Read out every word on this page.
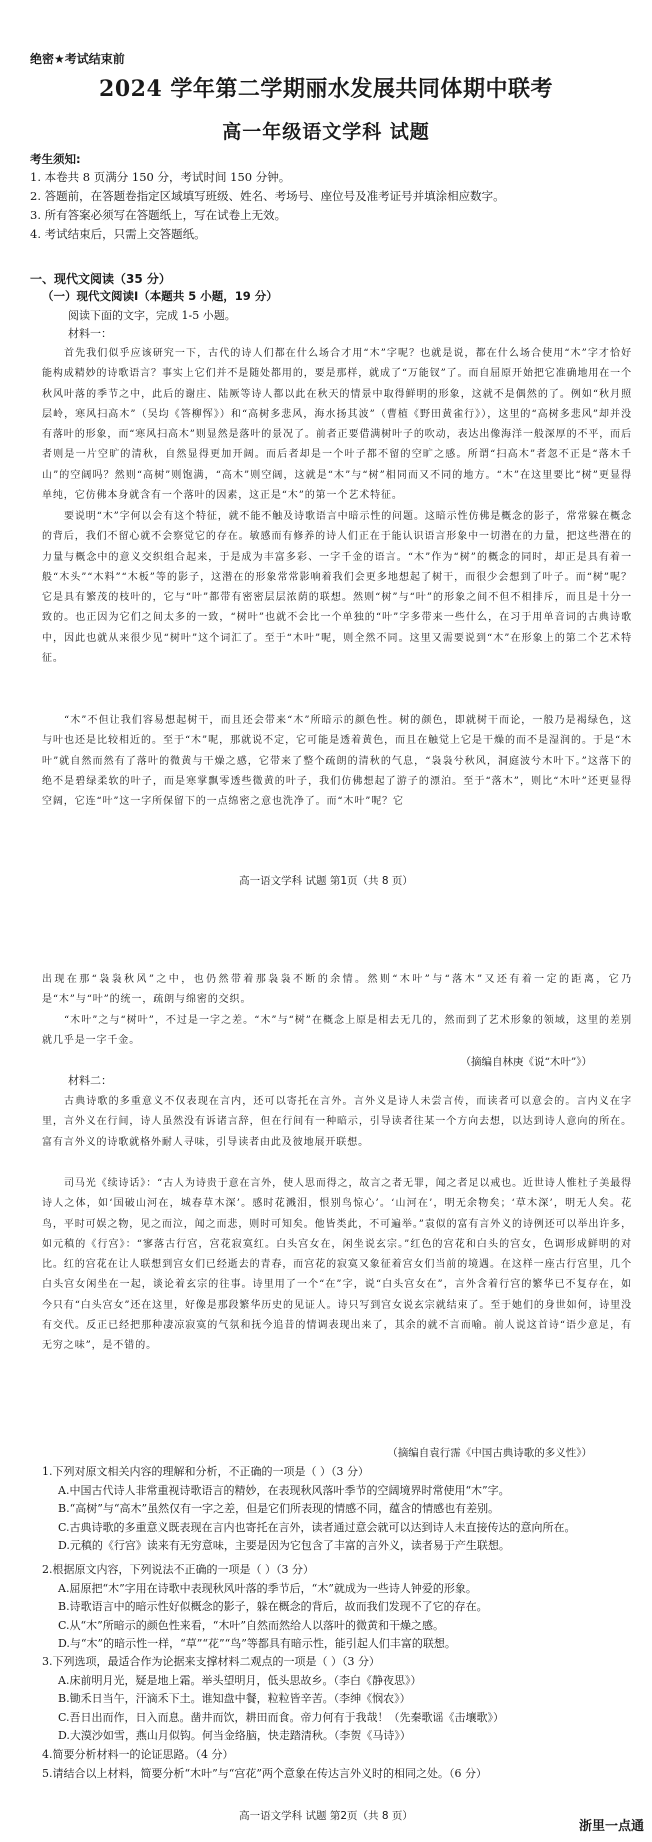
绝密★考试结束前
2024 学年第二学期丽水发展共同体期中联考
高一年级语文学科 试题
考生须知:
1. 本卷共 8 页满分 150 分，考试时间 150 分钟。
2. 答题前，在答题卷指定区域填写班级、姓名、考场号、座位号及准考证号并填涂相应数字。
3. 所有答案必须写在答题纸上，写在试卷上无效。
4. 考试结束后，只需上交答题纸。
一、现代文阅读（35 分）
（一）现代文阅读Ⅰ（本题共 5 小题，19 分）
阅读下面的文字，完成 1-5 小题。
材料一：
首先我们似乎应该研究一下，古代的诗人们都在什么场合才用“木”字呢？也就是说，都在什么场合使用“木”字才恰好能构成精妙的诗歌语言？事实上它们并不是随处都用的，要是那样，就成了“万能钗”了。而自屈原开始把它准确地用在一个秋风叶落的季节之中，此后的谢庄、陆厥等诗人都以此在秋天的情景中取得鲜明的形象，这就不是偶然的了。例如“秋月照层岭，寒风扫高木”（吴均《答柳恽》）和“高树多悲风，海水扬其波”（曹植《野田黄雀行》），这里的“高树多悲风”却并没有落叶的形象，而“寒风扫高木”则显然是落叶的景况了。前者正要借满树叶子的吹动，表达出像海洋一般深厚的不平，而后者则是一片空旷的清秋，自然显得更加开阔。而后者却是一个叶子都不留的空旷之感。所谓“扫高木”者忽不正是“落木千山”的空阔吗？然则“高树”则饱满，“高木”则空阔，这就是“木”与“树”相同而又不同的地方。“木”在这里要比“树”更显得单纯，它仿佛本身就含有一个落叶的因素，这正是“木”的第一个艺术特征。
要说明“木”字何以会有这个特征，就不能不触及诗歌语言中暗示性的问题。这暗示性仿佛是概念的影子，常常躲在概念的背后，我们不留心就不会察觉它的存在。敏感而有修养的诗人们正在于能认识语言形象中一切潜在的力量，把这些潜在的力量与概念中的意义交织组合起来，于是成为丰富多彩、一字千金的语言。“木”作为“树”的概念的同时，却正是具有着一般“木头”“木料”“木板”等的影子，这潜在的形象常常影响着我们会更多地想起了树干，而很少会想到了叶子。而“树”呢？它是具有繁茂的枝叶的，它与“叶”都带有密密层层浓荫的联想。然则“树”与“叶”的形象之间不但不相排斥，而且是十分一致的。也正因为它们之间太多的一致，“树叶”也就不会比一个单独的“叶”字多带来一些什么，在习于用单音词的古典诗歌中，因此也就从来很少见“树叶”这个词汇了。至于“木叶”呢，则全然不同。这里又需要说到“木”在形象上的第二个艺术特征。
“木”不但让我们容易想起树干，而且还会带来“木”所暗示的颜色性。树的颜色，即就树干而论，一般乃是褐绿色，这与叶也还是比较相近的。至于“木”呢，那就说不定，它可能是透着黄色，而且在触觉上它是干燥的而不是湿润的。于是“木叶”就自然而然有了落叶的微黄与干燥之感，它带来了整个疏朗的清秋的气息，“袅袅兮秋风，洞庭波兮木叶下。”这落下的绝不是碧绿柔软的叶子，而是寒掌飘零透些微黄的叶子，我们仿佛想起了游子的漂泊。至于“落木”，则比“木叶”还更显得空阔，它连“叶”这一字所保留下的一点绵密之意也洗净了。而“木叶”呢？它
高一语文学科 试题 第1页（共 8 页）
出现在那“袅袅秋风”之中，也仍然带着那袅袅不断的余情。然则“木叶”与“落木”又还有着一定的距离，它乃是“木”与“叶”的统一，疏朗与绵密的交织。
“木叶”之与“树叶”，不过是一字之差。“木”与“树”在概念上原是相去无几的，然而到了艺术形象的领域，这里的差别就几乎是一字千金。
（摘编自林庚《说“木叶”》）
材料二：
古典诗歌的多重意义不仅表现在言内，还可以寄托在言外。言外义是诗人未尝言传，而读者可以意会的。言内义在字里，言外义在行间，诗人虽然没有诉诸言辞，但在行间有一种暗示，引导读者往某一个方向去想，以达到诗人意向的所在。富有言外义的诗歌就格外耐人寻味，引导读者由此及彼地展开联想。
司马光《续诗话》：“古人为诗贵于意在言外，使人思而得之，故言之者无罪，闻之者足以戒也。近世诗人惟杜子美最得诗人之体，如‘国破山河在，城春草木深’。感时花溅泪，恨别鸟惊心’。‘山河在’，明无余物矣；‘草木深’，明无人矣。花鸟，平时可娱之物，见之而泣，闻之而悲，则时可知矣。他皆类此，不可遍举。”袁似的富有言外义的诗例还可以举出许多，如元稹的《行宫》：“寥落古行宫，宫花寂寞红。白头宫女在，闲坐说玄宗。”红色的宫花和白头的宫女，色调形成鲜明的对比。红的宫花在让人联想到宫女们已经逝去的青春，而宫花的寂寞又象征着宫女们当前的境遇。在这样一座古行宫里，几个白头宫女闲坐在一起，谈论着玄宗的往事。诗里用了一个“在”字，说“白头宫女在”，言外含着行宫的繁华已不复存在，如今只有“白头宫女”还在这里，好像是那段繁华历史的见证人。诗只写到宫女说玄宗就结束了。至于她们的身世如何，诗里没有交代。反正已经把那种凄凉寂寞的气氛和抚今追昔的情调表现出来了，其余的就不言而喻。前人说这首诗“语少意足，有无穷之味”，是不错的。
（摘编自袁行霈《中国古典诗歌的多义性》）
1.下列对原文相关内容的理解和分析，不正确的一项是（ ）（3 分）
A.中国古代诗人非常重视诗歌语言的精妙，在表现秋风落叶季节的空阔境界时常使用“木”字。
B.“高树”与“高木”虽然仅有一字之差，但是它们所表现的情感不同，蕴含的情感也有差别。
C.古典诗歌的多重意义既表现在言内也寄托在言外，读者通过意会就可以达到诗人未直接传达的意向所在。
D.元稹的《行宫》读来有无穷意味，主要是因为它包含了丰富的言外义，读者易于产生联想。
2.根据原文内容，下列说法不正确的一项是（ ）（3 分）
A.屈原把“木”字用在诗歌中表现秋风叶落的季节后，“木”就成为一些诗人钟爱的形象。
B.诗歌语言中的暗示性好似概念的影子，躲在概念的背后，故而我们发现不了它的存在。
C.从“木”所暗示的颜色性来看，“木叶”自然而然给人以落叶的微黄和干燥之感。
D.与“木”的暗示性一样，“草”“花”“鸟”等都具有暗示性，能引起人们丰富的联想。
3.下列选项，最适合作为论据来支撑材料二观点的一项是（ ）（3 分）
A.床前明月光，疑是地上霜。举头望明月，低头思故乡。（李白《静夜思》）
B.锄禾日当午，汗滴禾下土。谁知盘中餐，粒粒皆辛苦。（李绅《悯农》）
C.吾日出而作，日入而息。凿井而饮，耕田而食。帝力何有于我哉！（先秦歌谣《击壤歌》）
D.大漠沙如雪，燕山月似钩。何当金络脑，快走踏清秋。（李贺《马诗》）
4.简要分析材料一的论证思路。（4 分）
5.请结合以上材料，简要分析“木叶”与“宫花”两个意象在传达言外义时的相同之处。（6 分）
高一语文学科 试题 第2页（共 8 页）
浙里一点通
